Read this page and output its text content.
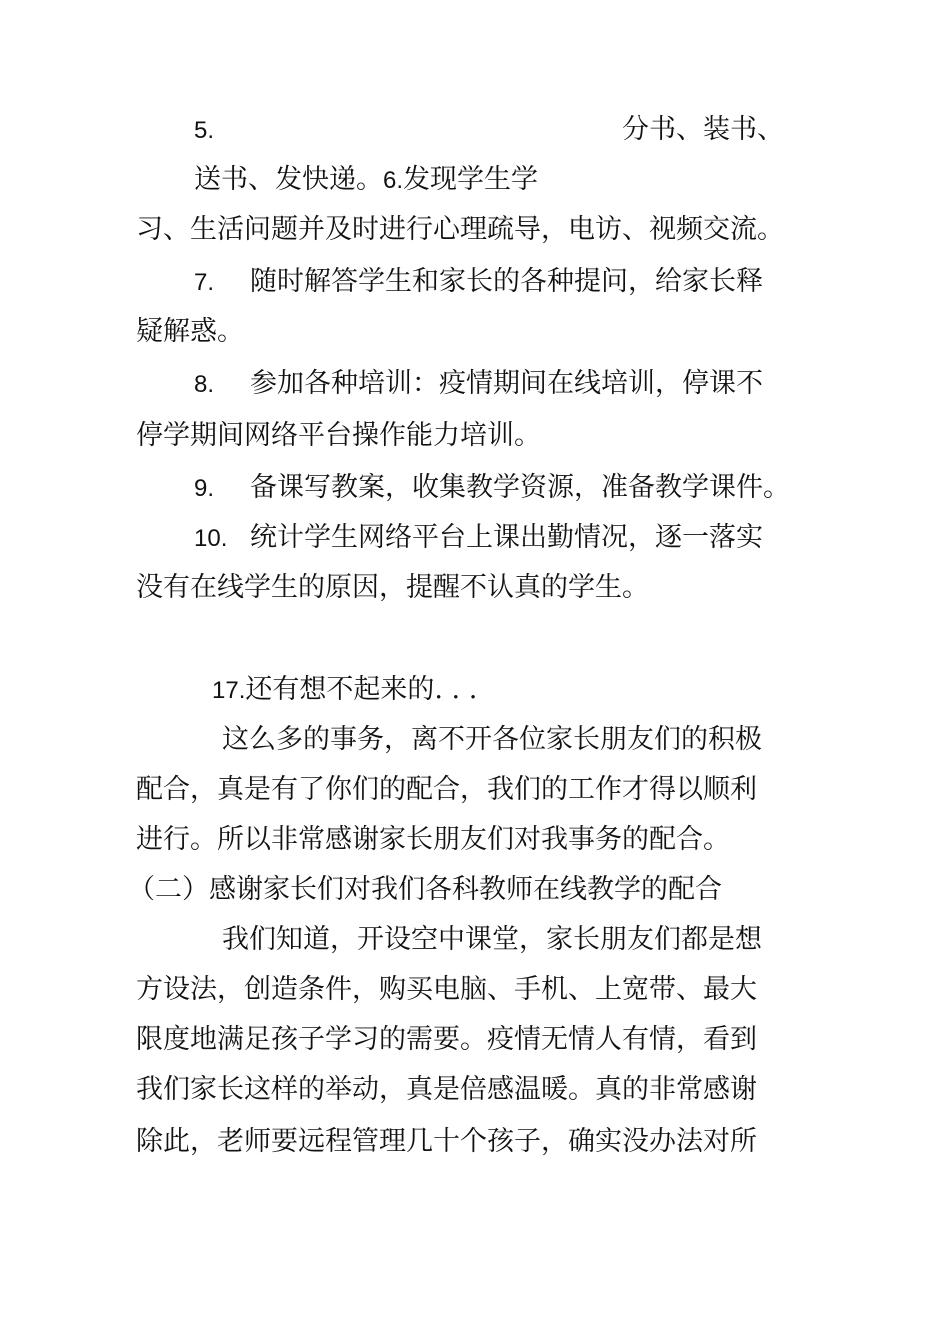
5.	分书、装书、
送书、发快递。6.发现学生学
习、生活问题并及时进行心理疏导，电访、视频交流。
7. 随时解答学生和家长的各种提问，给家长释
疑解惑。
8. 参加各种培训：疫情期间在线培训，停课不
停学期间网络平台操作能力培训。
9. 备课写教案，收集教学资源，准备教学课件。
10. 统计学生网络平台上课出勤情况，逐一落实
没有在线学生的原因，提醒不认真的学生。
17.还有想不起来的. . .
这么多的事务，离不开各位家长朋友们的积极
配合，真是有了你们的配合，我们的工作才得以顺利
进行。所以非常感谢家长朋友们对我事务的配合。
（二）感谢家长们对我们各科教师在线教学的配合
我们知道，开设空中课堂，家长朋友们都是想
方设法，创造条件，购买电脑、手机、上宽带、最大
限度地满足孩子学习的需要。疫情无情人有情，看到
我们家长这样的举动，真是倍感温暖。真的非常感谢
除此，老师要远程管理几十个孩子，确实没办法对所
